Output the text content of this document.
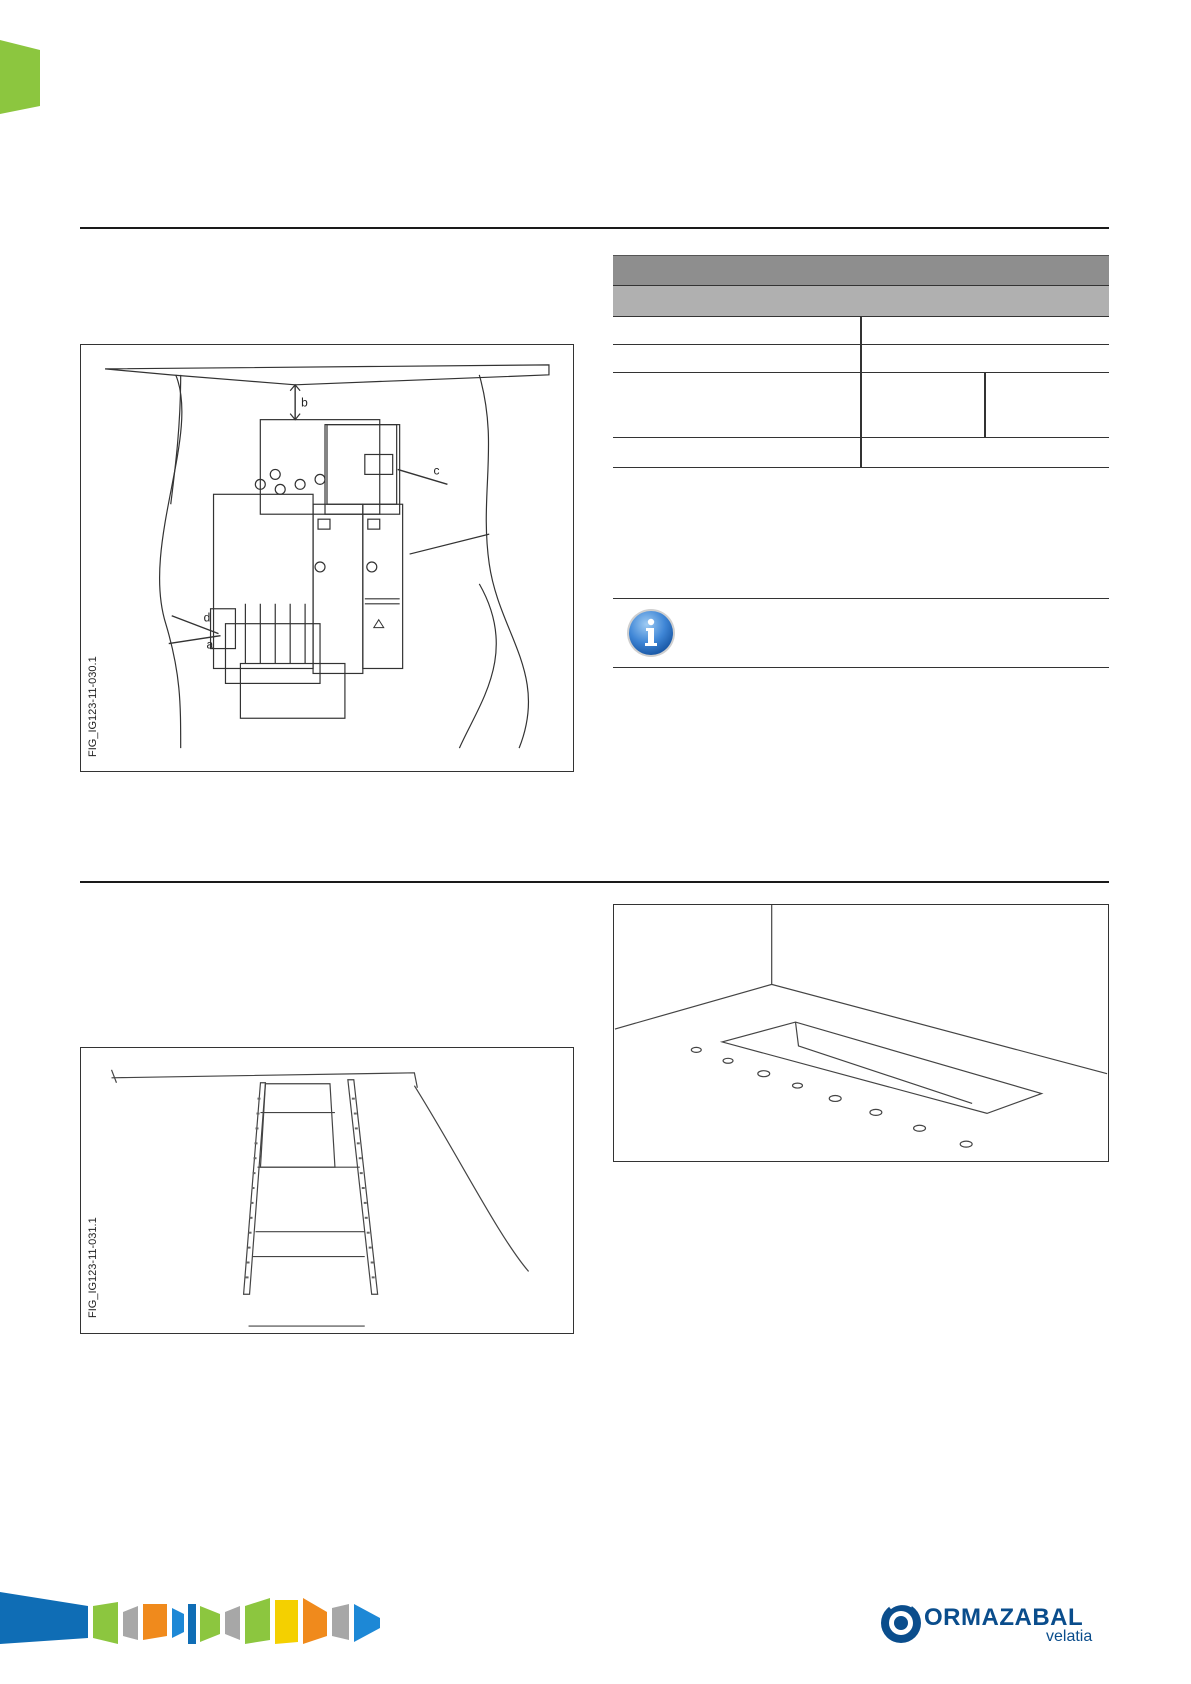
b
c
d
a
FIG_IG123-11-030.1
FIG_IG123-11-031.1
ORMAZABAL
velatia
